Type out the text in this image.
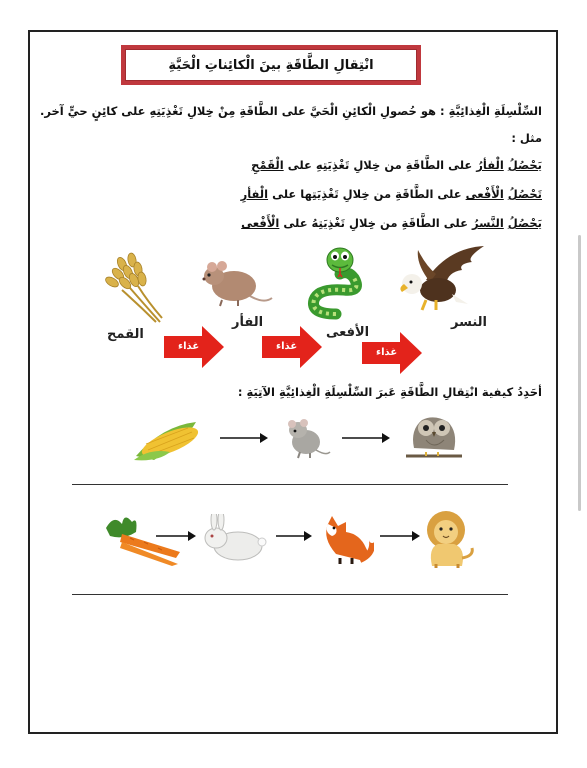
انْتِقالِ الطَّاقَةِ بينَ الْكائِناتِ الْحَيَّةِ
السِّلْسِلَةِ الْغِذائِيَّةِ : هو حُصولِ الْكائِنِ الْحَيَّ على الطَّاقَةِ مِنْ خِلالِ تَغْذِيَتِهِ على كائِنٍ حيٍّ آخر.
مثل :
يَحْصُلُ الْفأرُ على الطَّاقَةِ من خِلالِ تَغْذِيَتِهِ على الْقَمْحِ
تَحْصُلُ الْأَفْعى على الطَّاقَةِ من خِلالِ تَغْذِيَتِها على الْفأرِ
يَحْصُلُ النَّسرُ على الطَّاقَةِ من خِلالِ تَغْذِيَتِهُ على الْأَفْعى
القمح
الفأر
الأفعى
النسر
غذاء	غذاء
غذاء
أحَدِدُ كيفية انْتِقالِ الطَّاقَةِ عَبرَ السِّلْسِلَةِ الْغِذائِيَّةِ الآتِيَةِ :
